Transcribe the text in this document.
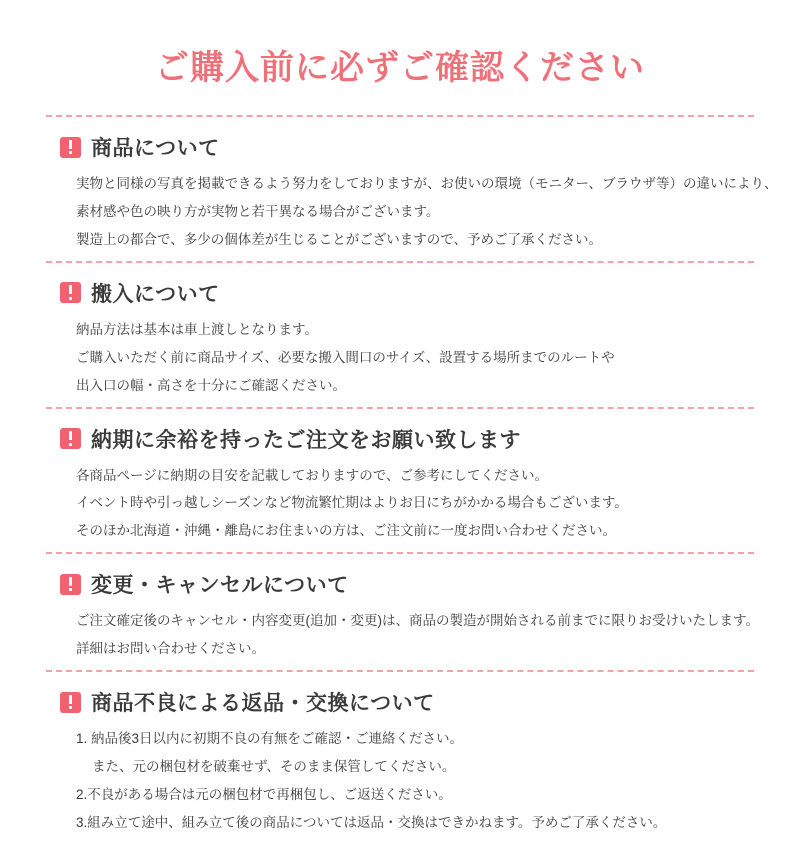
ご購入前に必ずご確認ください
商品について

実物と同様の写真を掲載できるよう努力をしておりますが、お使いの環境（モニター、ブラウザ等）の違いにより、

素材感や色の映り方が実物と若干異なる場合がございます。

製造上の都合で、多少の個体差が生じることがございますので、予めご了承ください。

搬入について

納品方法は基本は車上渡しとなります。

ご購入いただく前に商品サイズ、必要な搬入間口のサイズ、設置する場所までのルートや

出入口の幅・高さを十分にご確認ください。

納期に余裕を持ったご注文をお願い致します

各商品ページに納期の目安を記載しておりますので、ご参考にしてください。

イベント時や引っ越しシーズンなど物流繁忙期はよりお日にちがかかる場合もございます。

そのほか北海道・沖縄・離島にお住まいの方は、ご注文前に一度お問い合わせください。

変更・キャンセルについて

ご注文確定後のキャンセル・内容変更(追加・変更)は、商品の製造が開始される前までに限りお受けいたします。

詳細はお問い合わせください。

商品不良による返品・交換について

1. 納品後3日以内に初期不良の有無をご確認・ご連絡ください。

また、元の梱包材を破棄せず、そのまま保管してください。

2.不良がある場合は元の梱包材で再梱包し、ご返送ください。

3.組み立て途中、組み立て後の商品については返品・交換はできかねます。予めご了承ください。
